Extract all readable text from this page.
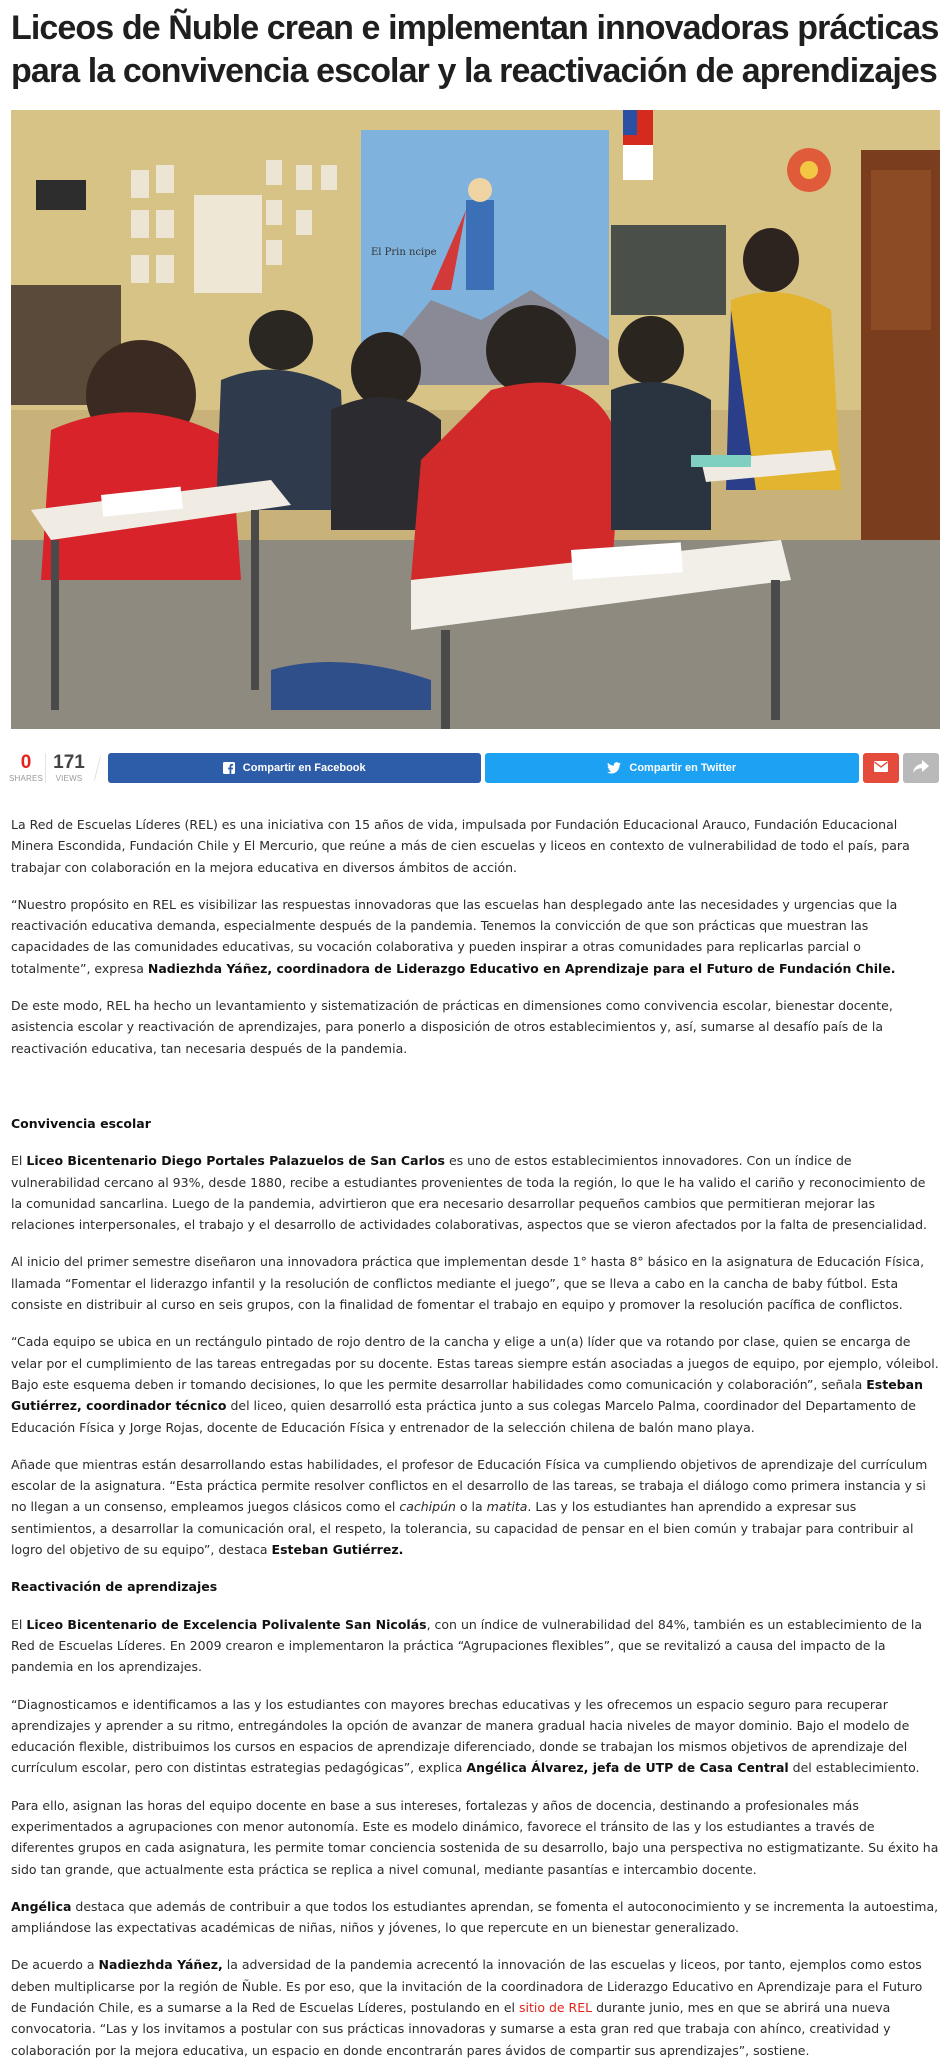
Liceos de Ñuble crean e implementan innovadoras prácticas para la convivencia escolar y la reactivación de aprendizajes
El Prin ncipe
0
SHARES
171
VIEWS
Compartir en Facebook	Compartir en Twitter

La Red de Escuelas Líderes (REL) es una iniciativa con 15 años de vida, impulsada por Fundación Educacional Arauco, Fundación Educacional Minera Escondida, Fundación Chile y El Mercurio, que reúne a más de cien escuelas y liceos en contexto de vulnerabilidad de todo el país, para trabajar con colaboración en la mejora educativa en diversos ámbitos de acción.

“Nuestro propósito en REL es visibilizar las respuestas innovadoras que las escuelas han desplegado ante las necesidades y urgencias que la reactivación educativa demanda, especialmente después de la pandemia. Tenemos la convicción de que son prácticas que muestran las capacidades de las comunidades educativas, su vocación colaborativa y pueden inspirar a otras comunidades para replicarlas parcial o totalmente”, expresa Nadiezhda Yáñez, coordinadora de Liderazgo Educativo en Aprendizaje para el Futuro de Fundación Chile.

De este modo, REL ha hecho un levantamiento y sistematización de prácticas en dimensiones como convivencia escolar, bienestar docente, asistencia escolar y reactivación de aprendizajes, para ponerlo a disposición de otros establecimientos y, así, sumarse al desafío país de la reactivación educativa, tan necesaria después de la pandemia.

Convivencia escolar

El Liceo Bicentenario Diego Portales Palazuelos de San Carlos es uno de estos establecimientos innovadores. Con un índice de vulnerabilidad cercano al 93%, desde 1880, recibe a estudiantes provenientes de toda la región, lo que le ha valido el cariño y reconocimiento de la comunidad sancarlina. Luego de la pandemia, advirtieron que era necesario desarrollar pequeños cambios que permitieran mejorar las relaciones interpersonales, el trabajo y el desarrollo de actividades colaborativas, aspectos que se vieron afectados por la falta de presencialidad.

Al inicio del primer semestre diseñaron una innovadora práctica que implementan desde 1° hasta 8° básico en la asignatura de Educación Física, llamada “Fomentar el liderazgo infantil y la resolución de conflictos mediante el juego”, que se lleva a cabo en la cancha de baby fútbol. Esta consiste en distribuir al curso en seis grupos, con la finalidad de fomentar el trabajo en equipo y promover la resolución pacífica de conflictos.

“Cada equipo se ubica en un rectángulo pintado de rojo dentro de la cancha y elige a un(a) líder que va rotando por clase, quien se encarga de velar por el cumplimiento de las tareas entregadas por su docente. Estas tareas siempre están asociadas a juegos de equipo, por ejemplo, vóleibol. Bajo este esquema deben ir tomando decisiones, lo que les permite desarrollar habilidades como comunicación y colaboración”, señala Esteban Gutiérrez, coordinador técnico del liceo, quien desarrolló esta práctica junto a sus colegas Marcelo Palma, coordinador del Departamento de Educación Física y Jorge Rojas, docente de Educación Física y entrenador de la selección chilena de balón mano playa.

Añade que mientras están desarrollando estas habilidades, el profesor de Educación Física va cumpliendo objetivos de aprendizaje del currículum escolar de la asignatura. “Esta práctica permite resolver conflictos en el desarrollo de las tareas, se trabaja el diálogo como primera instancia y si no llegan a un consenso, empleamos juegos clásicos como el cachipún o la matita. Las y los estudiantes han aprendido a expresar sus sentimientos, a desarrollar la comunicación oral, el respeto, la tolerancia, su capacidad de pensar en el bien común y trabajar para contribuir al logro del objetivo de su equipo”, destaca Esteban Gutiérrez.

Reactivación de aprendizajes

El Liceo Bicentenario de Excelencia Polivalente San Nicolás, con un índice de vulnerabilidad del 84%, también es un establecimiento de la Red de Escuelas Líderes. En 2009 crearon e implementaron la práctica “Agrupaciones flexibles”, que se revitalizó a causa del impacto de la pandemia en los aprendizajes.

“Diagnosticamos e identificamos a las y los estudiantes con mayores brechas educativas y les ofrecemos un espacio seguro para recuperar aprendizajes y aprender a su ritmo, entregándoles la opción de avanzar de manera gradual hacia niveles de mayor dominio. Bajo el modelo de educación flexible, distribuimos los cursos en espacios de aprendizaje diferenciado, donde se trabajan los mismos objetivos de aprendizaje del currículum escolar, pero con distintas estrategias pedagógicas”, explica Angélica Álvarez, jefa de UTP de Casa Central del establecimiento.

Para ello, asignan las horas del equipo docente en base a sus intereses, fortalezas y años de docencia, destinando a profesionales más experimentados a agrupaciones con menor autonomía. Este es modelo dinámico, favorece el tránsito de las y los estudiantes a través de diferentes grupos en cada asignatura, les permite tomar conciencia sostenida de su desarrollo, bajo una perspectiva no estigmatizante. Su éxito ha sido tan grande, que actualmente esta práctica se replica a nivel comunal, mediante pasantías e intercambio docente.

Angélica destaca que además de contribuir a que todos los estudiantes aprendan, se fomenta el autoconocimiento y se incrementa la autoestima, ampliándose las expectativas académicas de niñas, niños y jóvenes, lo que repercute en un bienestar generalizado.

De acuerdo a Nadiezhda Yáñez, la adversidad de la pandemia acrecentó la innovación de las escuelas y liceos, por tanto, ejemplos como estos deben multiplicarse por la región de Ñuble. Es por eso, que la invitación de la coordinadora de Liderazgo Educativo en Aprendizaje para el Futuro de Fundación Chile, es a sumarse a la Red de Escuelas Líderes, postulando en el sitio de REL durante junio, mes en que se abrirá una nueva convocatoria. “Las y los invitamos a postular con sus prácticas innovadoras y sumarse a esta gran red que trabaja con ahínco, creatividad y colaboración por la mejora educativa, un espacio en donde encontrarán pares ávidos de compartir sus aprendizajes”, sostiene.
